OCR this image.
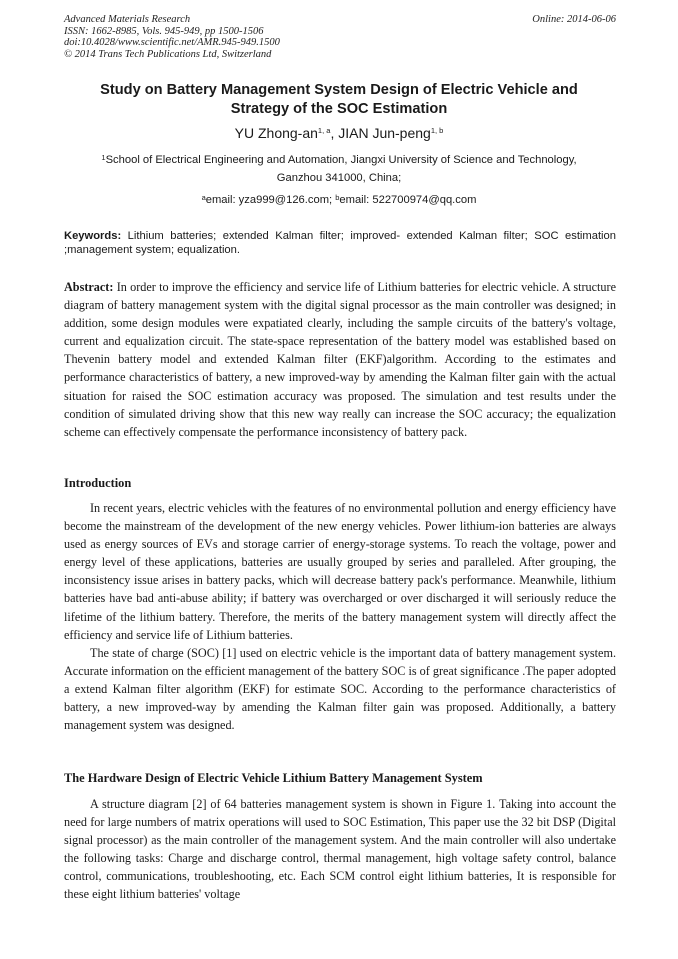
Advanced Materials Research
ISSN: 1662-8985, Vols. 945-949, pp 1500-1506
doi:10.4028/www.scientific.net/AMR.945-949.1500
© 2014 Trans Tech Publications Ltd, Switzerland
Online: 2014-06-06
Study on Battery Management System Design of Electric Vehicle and
Strategy of the SOC Estimation
YU Zhong-an$^{1, a}$, JIAN Jun-peng$^{1, b}$
$^1$School of Electrical Engineering and Automation, Jiangxi University of Science and Technology,
Ganzhou 341000, China;
$^a$email: yza999@126.com; $^b$email: 522700974@qq.com
Keywords: Lithium batteries; extended Kalman filter; improved- extended Kalman filter; SOC estimation ;management system; equalization.
Abstract: In order to improve the efficiency and service life of Lithium batteries for electric vehicle. A structure diagram of battery management system with the digital signal processor as the main controller was designed; in addition, some design modules were expatiated clearly, including the sample circuits of the battery's voltage, current and equalization circuit. The state-space representation of the battery model was established based on Thevenin battery model and extended Kalman filter (EKF)algorithm. According to the estimates and performance characteristics of battery, a new improved-way by amending the Kalman filter gain with the actual situation for raised the SOC estimation accuracy was proposed. The simulation and test results under the condition of simulated driving show that this new way really can increase the SOC accuracy; the equalization scheme can effectively compensate the performance inconsistency of battery pack.
Introduction

In recent years, electric vehicles with the features of no environmental pollution and energy efficiency have become the mainstream of the development of the new energy vehicles. Power lithium-ion batteries are always used as energy sources of EVs and storage carrier of energy-storage systems. To reach the voltage, power and energy level of these applications, batteries are usually grouped by series and paralleled. After grouping, the inconsistency issue arises in battery packs, which will decrease battery pack's performance. Meanwhile, lithium batteries have bad anti-abuse ability; if battery was overcharged or over discharged it will seriously reduce the lifetime of the lithium battery. Therefore, the merits of the battery management system will directly affect the efficiency and service life of Lithium batteries.

The state of charge (SOC) [1] used on electric vehicle is the important data of battery management system. Accurate information on the efficient management of the battery SOC is of great significance .The paper adopted a extend Kalman filter algorithm (EKF) for estimate SOC. According to the performance characteristics of battery, a new improved-way by amending the Kalman filter gain was proposed. Additionally, a battery management system was designed.

The Hardware Design of Electric Vehicle Lithium Battery Management System

A structure diagram [2] of 64 batteries management system is shown in Figure 1. Taking into account the need for large numbers of matrix operations will used to SOC Estimation, This paper use the 32 bit DSP (Digital signal processor) as the main controller of the management system. And the main controller will also undertake the following tasks: Charge and discharge control, thermal management, high voltage safety control, balance control, communications, troubleshooting, etc. Each SCM control eight lithium batteries, It is responsible for these eight lithium batteries' voltage
